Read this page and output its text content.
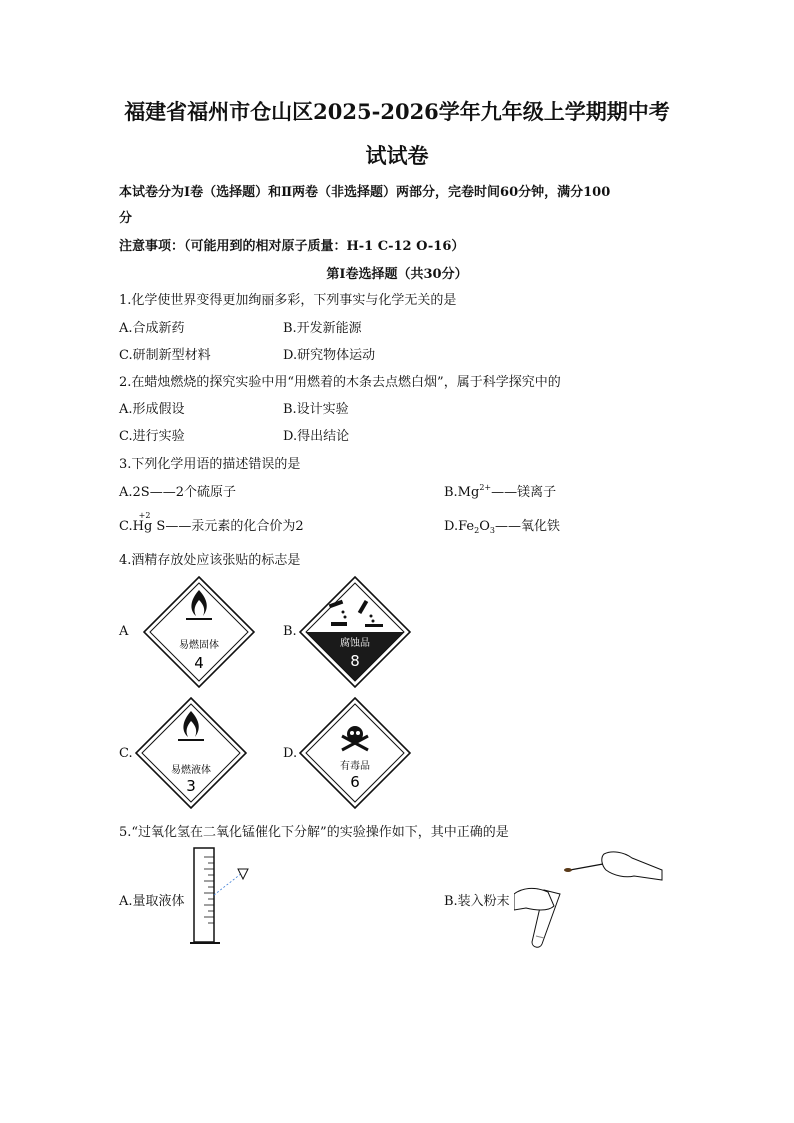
福建省福州市仓山区2025-2026学年九年级上学期期中考
试试卷
本试卷分为Ⅰ卷（选择题）和Ⅱ两卷（非选择题）两部分，完卷时间60分钟，满分100
分
注意事项：（可能用到的相对原子质量：H-1 C-12 O-16）
第Ⅰ卷选择题（共30分）
1.化学使世界变得更加绚丽多彩，下列事实与化学无关的是
A.合成新药	B.开发新能源
C.研制新型材料	D.研究物体运动
2.在蜡烛燃烧的探究实验中用“用燃着的木条去点燃白烟”，属于科学探究中的
A.形成假设	B.设计实验
C.进行实验	D.得出结论
3.下列化学用语的描述错误的是
A.2S——2个硫原子	$B.Mg^{2+}——$镁离子
C.
+2
Hg S——汞元素的化合价为2	$D.Fe_2O_3——$氧化铁
4.酒精存放处应该张贴的标志是
A	B.
C.	D.
易燃固体
4
腐蚀品
8
易燃液体
3
有毒品
6
5.“过氧化氢在二氧化锰催化下分解”的实验操作如下，其中正确的是
A.量取液体	B.装入粉末
